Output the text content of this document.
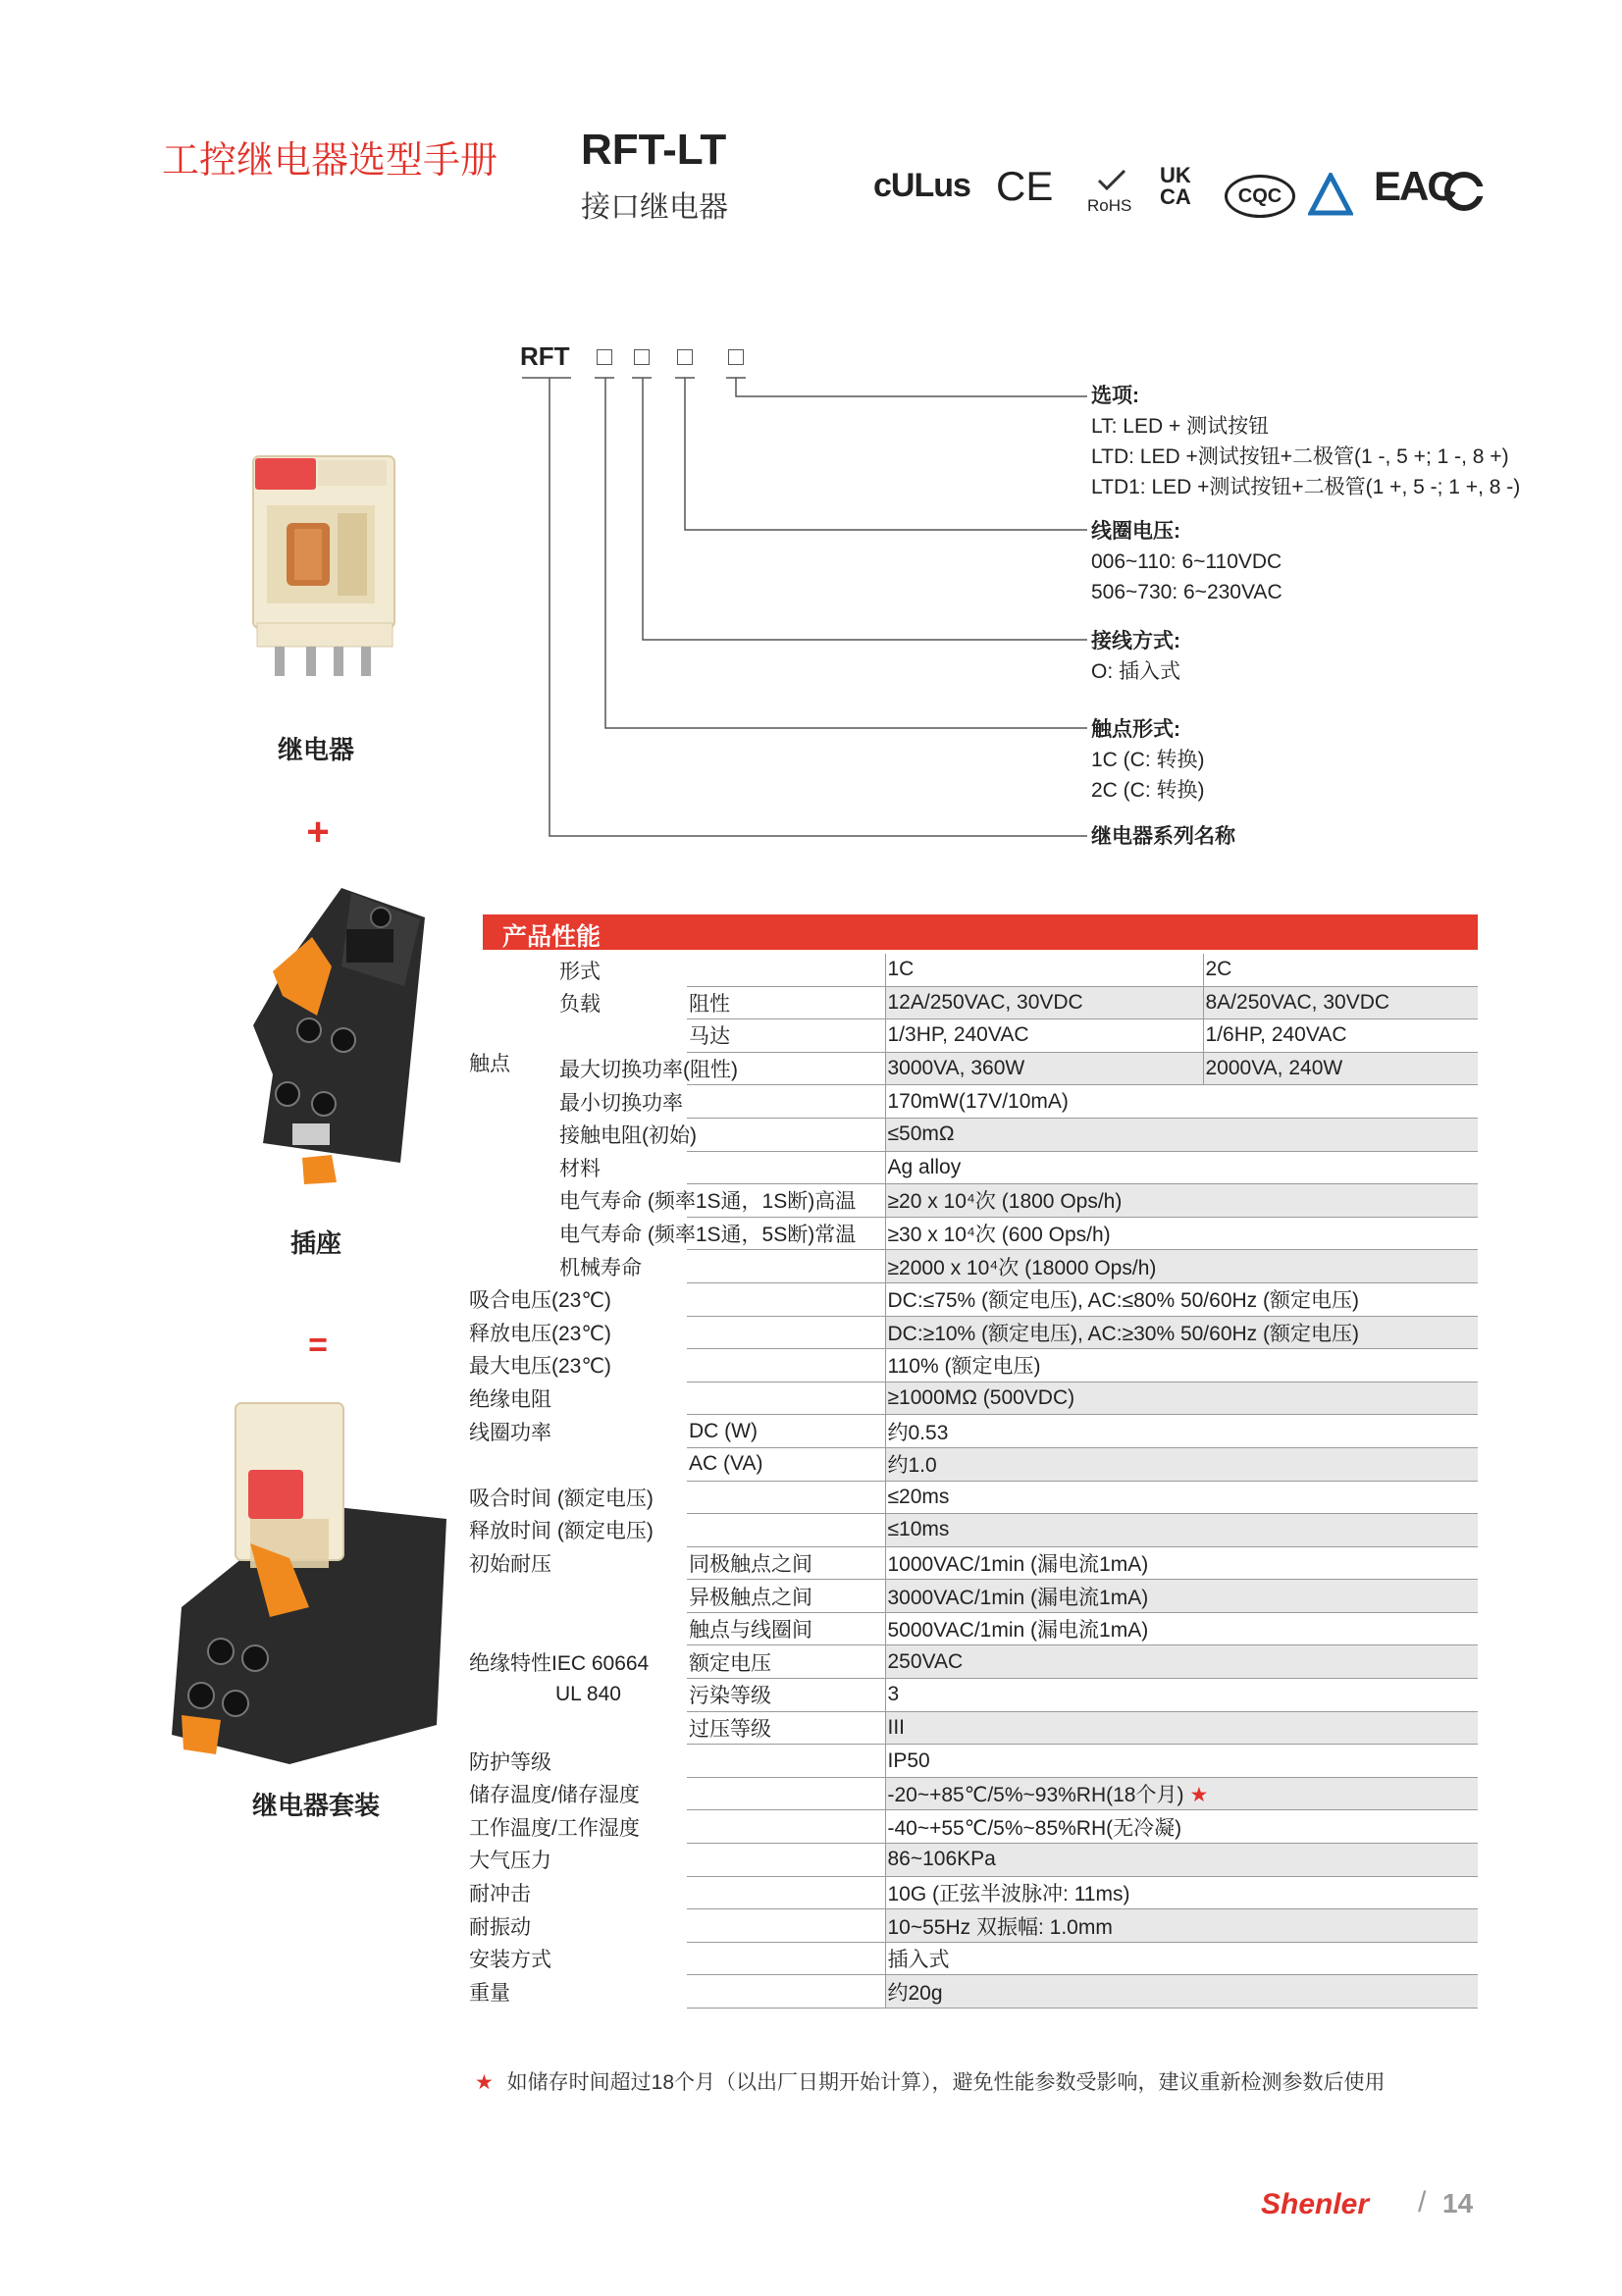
工控继电器选型手册 RFT-LT
接口继电器
cULus CE RoHS
UKCA	CQC	EAC
继电器
+
插座
=
继电器套装
RFT
选项:
LT: LED + 测试按钮
LTD: LED +测试按钮+二极管(1 -, 5 +; 1 -, 8 +)
LTD1: LED +测试按钮+二极管(1 +, 5 -; 1 +, 8 -)
线圈电压:
006~110: 6~110VDC
506~730: 6~230VAC
接线方式:
O: 插入式
触点形式:
1C (C: 转换)
2C (C: 转换)
继电器系列名称
产品性能
触点
	形式		1C	2C
	负载	阻性	12A/250VAC, 30VDC	8A/250VAC, 30VDC
		马达	1/3HP, 240VAC	1/6HP, 240VAC
	最大切换功率(阻性)		3000VA, 360W	2000VA, 240W
	最小切换功率		170mW(17V/10mA)	
	接触电阻(初始)		≤50mΩ	
	材料		Ag alloy	
	电气寿命 (频率1S通，1S断)高温		≥20 x 10⁴次 (1800 Ops/h)	
	电气寿命 (频率1S通，5S断)常温		≥30 x 10⁴次 (600 Ops/h)	
	机械寿命		≥2000 x 10⁴次 (18000 Ops/h)	
吸合电压(23℃)			DC:≤75% (额定电压), AC:≤80% 50/60Hz (额定电压)	
释放电压(23℃)			DC:≥10% (额定电压), AC:≥30% 50/60Hz (额定电压)	
最大电压(23℃)			110% (额定电压)	
绝缘电阻			≥1000MΩ (500VDC)	
线圈功率		DC (W)	约0.53	
		AC (VA)	约1.0	
吸合时间 (额定电压)			≤20ms	
释放时间 (额定电压)			≤10ms	
初始耐压		同极触点之间	1000VAC/1min (漏电流1mA)	
		异极触点之间	3000VAC/1min (漏电流1mA)	
		触点与线圈间	5000VAC/1min (漏电流1mA)	
绝缘特性IEC 60664		额定电压	250VAC	
UL 840		污染等级	3	
		过压等级	III	
防护等级			IP50	
储存温度/储存湿度			-20~+85℃/5%~93%RH(18个月) ★	
工作温度/工作湿度			-40~+55℃/5%~85%RH(无冷凝)	
大气压力			86~106KPa	
耐冲击			10G (正弦半波脉冲: 11ms)	
耐振动			10~55Hz 双振幅: 1.0mm	
安装方式			插入式	
重量			约20g	
★ 如储存时间超过18个月（以出厂日期开始计算），避免性能参数受影响，建议重新检测参数后使用
Shenler / 14
